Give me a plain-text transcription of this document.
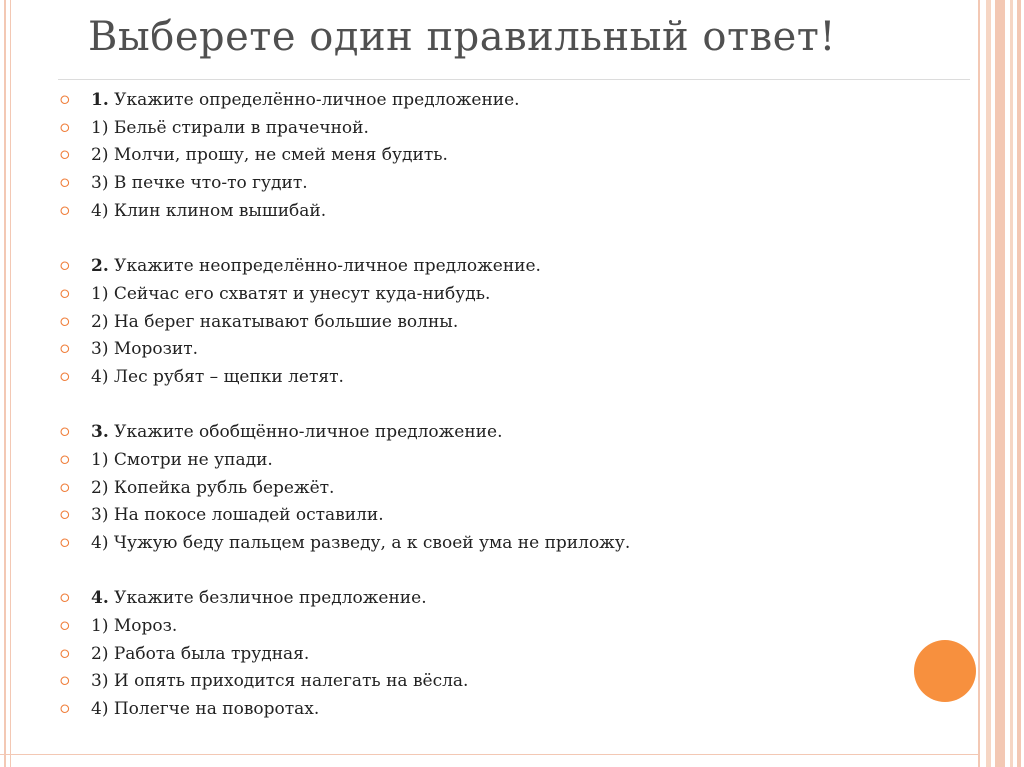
Выберете один правильный ответ!
⭘	1. Укажите определённо-личное предложение.
⭘	1) Бельё стирали в прачечной.
⭘	2) Молчи, прошу, не смей меня будить.
⭘	3) В печке что-то гудит.
⭘	4) Клин клином вышибай.
⭘	2. Укажите неопределённо-личное предложение.
⭘	1) Сейчас его схватят и унесут куда-нибудь.
⭘	2) На берег накатывают большие волны.
⭘	3) Морозит.
⭘	4) Лес рубят – щепки летят.
⭘	3. Укажите обобщённо-личное предложение.
⭘	1) Смотри не упади.
⭘	2) Копейка рубль бережёт.
⭘	3) На покосе лошадей оставили.
⭘	4) Чужую беду пальцем разведу, а к своей ума не приложу.
⭘	4. Укажите безличное предложение.
⭘	1) Мороз.
⭘	2) Работа была трудная.
⭘	3) И опять приходится налегать на вёсла.
⭘	4) Полегче на поворотах.
